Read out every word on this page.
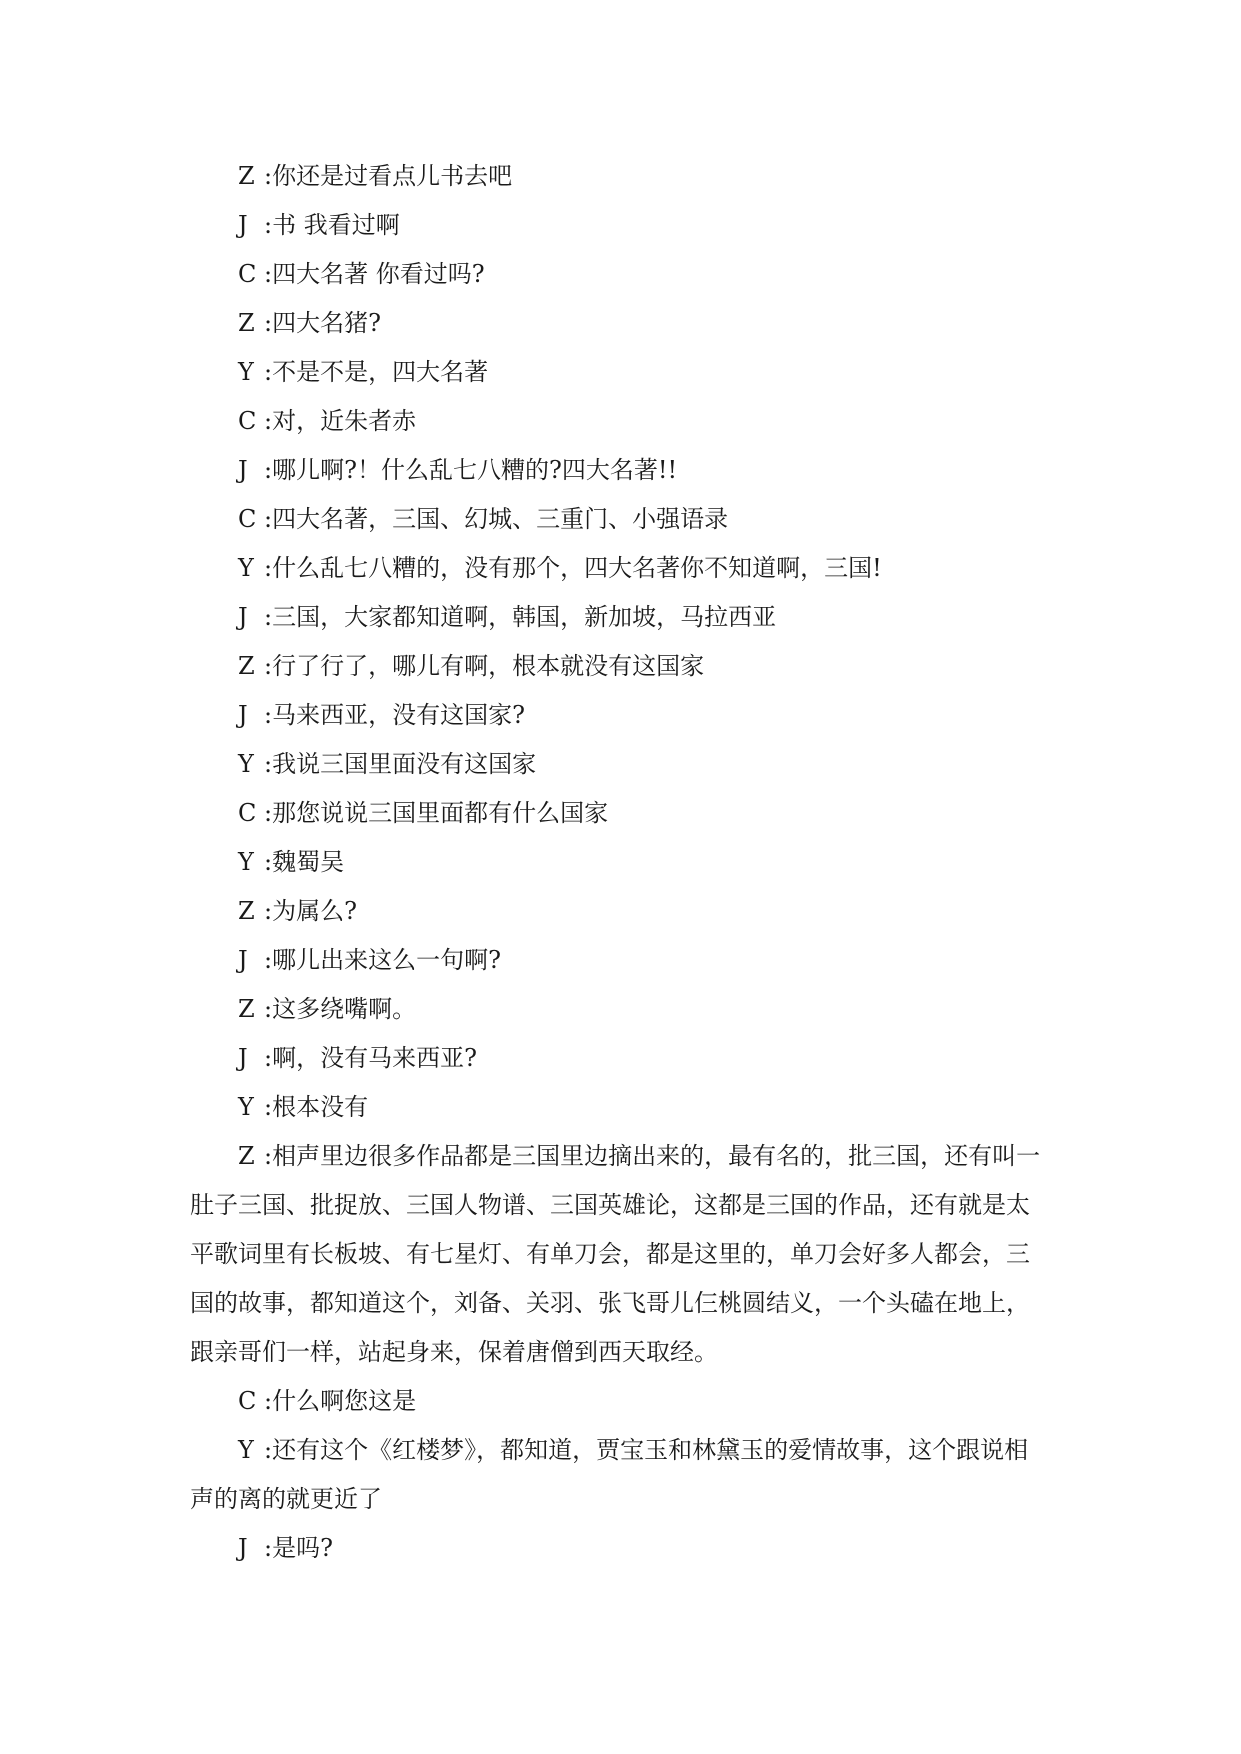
Z :你还是过看点儿书去吧

J :书 我看过啊

C :四大名著 你看过吗?

Z :四大名猪?

Y :不是不是，四大名著

C :对，近朱者赤

J :哪儿啊?！什么乱七八糟的?四大名著!!

C :四大名著，三国、幻城、三重门、小强语录

Y :什么乱七八糟的，没有那个，四大名著你不知道啊，三国!

J :三国，大家都知道啊，韩国，新加坡，马拉西亚

Z :行了行了，哪儿有啊，根本就没有这国家

J :马来西亚，没有这国家?

Y :我说三国里面没有这国家

C :那您说说三国里面都有什么国家

Y :魏蜀吴

Z :为属么?

J :哪儿出来这么一句啊?

Z :这多绕嘴啊。

J :啊，没有马来西亚?

Y :根本没有

Z :相声里边很多作品都是三国里边摘出来的，最有名的，批三国，还有叫一肚子三国、批捉放、三国人物谱、三国英雄论，这都是三国的作品，还有就是太平歌词里有长板坡、有七星灯、有单刀会，都是这里的，单刀会好多人都会，三国的故事，都知道这个，刘备、关羽、张飞哥儿仨桃圆结义，一个头磕在地上，跟亲哥们一样，站起身来，保着唐僧到西天取经。

C :什么啊您这是

Y :还有这个《红楼梦》，都知道，贾宝玉和林黛玉的爱情故事，这个跟说相声的离的就更近了

J :是吗?
